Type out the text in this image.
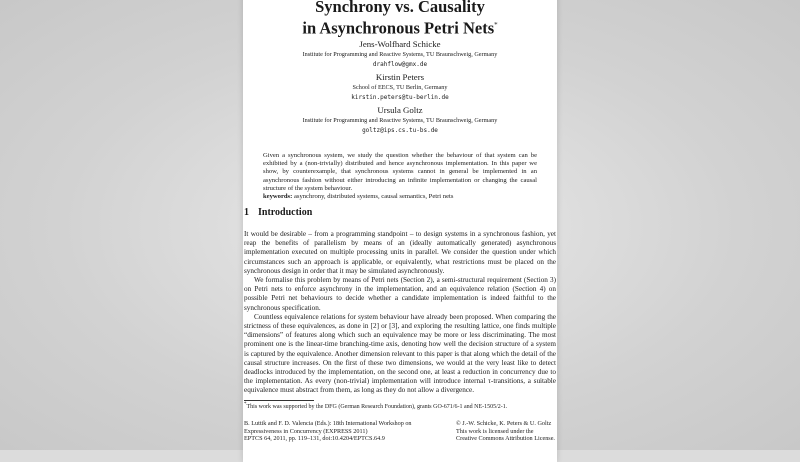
Synchrony vs. Causality
in Asynchronous Petri Nets*
Jens-Wolfhard Schicke
Institute for Programming and Reactive Systems, TU Braunschweig, Germany
drahflow@gmx.de
Kirstin Peters
School of EECS, TU Berlin, Germany
kirstin.peters@tu-berlin.de
Ursula Goltz
Institute for Programming and Reactive Systems, TU Braunschweig, Germany
goltz@ips.cs.tu-bs.de
Given a synchronous system, we study the question whether the behaviour of that system can be exhibited by a (non-trivially) distributed and hence asynchronous implementation. In this paper we show, by counterexample, that synchronous systems cannot in general be implemented in an asynchronous fashion without either introducing an infinite implementation or changing the causal structure of the system behaviour.
keywords: asynchrony, distributed systems, causal semantics, Petri nets
1 Introduction

It would be desirable – from a programming standpoint – to design systems in a synchronous fashion, yet reap the benefits of parallelism by means of an (ideally automatically generated) asynchronous implementation executed on multiple processing units in parallel. We consider the question under which circumstances such an approach is applicable, or equivalently, what restrictions must be placed on the synchronous design in order that it may be simulated asynchronously.

We formalise this problem by means of Petri nets (Section 2), a semi-structural requirement (Section 3) on Petri nets to enforce asynchrony in the implementation, and an equivalence relation (Section 4) on possible Petri net behaviours to decide whether a candidate implementation is indeed faithful to the synchronous specification.

Countless equivalence relations for system behaviour have already been proposed. When comparing the strictness of these equivalences, as done in [2] or [3], and exploring the resulting lattice, one finds multiple “dimensions” of features along which such an equivalence may be more or less discriminating. The most prominent one is the linear-time branching-time axis, denoting how well the decision structure of a system is captured by the equivalence. Another dimension relevant to this paper is that along which the detail of the causal structure increases. On the first of these two dimensions, we would at the very least like to detect deadlocks introduced by the implementation, on the second one, at least a reduction in concurrency due to the implementation. As every (non-trivial) implementation will introduce internal τ-transitions, a suitable equivalence must abstract from them, as long as they do not allow a divergence.

*This work was supported by the DFG (German Research Foundation), grants GO-671/6-1 and NE-1505/2-1.
B. Luttik and F. D. Valencia (Eds.): 18th International Workshop on
Expressiveness in Concurrency (EXPRESS 2011)
EPTCS 64, 2011, pp. 119–131, doi:10.4204/EPTCS.64.9
© J.-W. Schicke, K. Peters & U. Goltz
This work is licensed under the
Creative Commons Attribution License.
